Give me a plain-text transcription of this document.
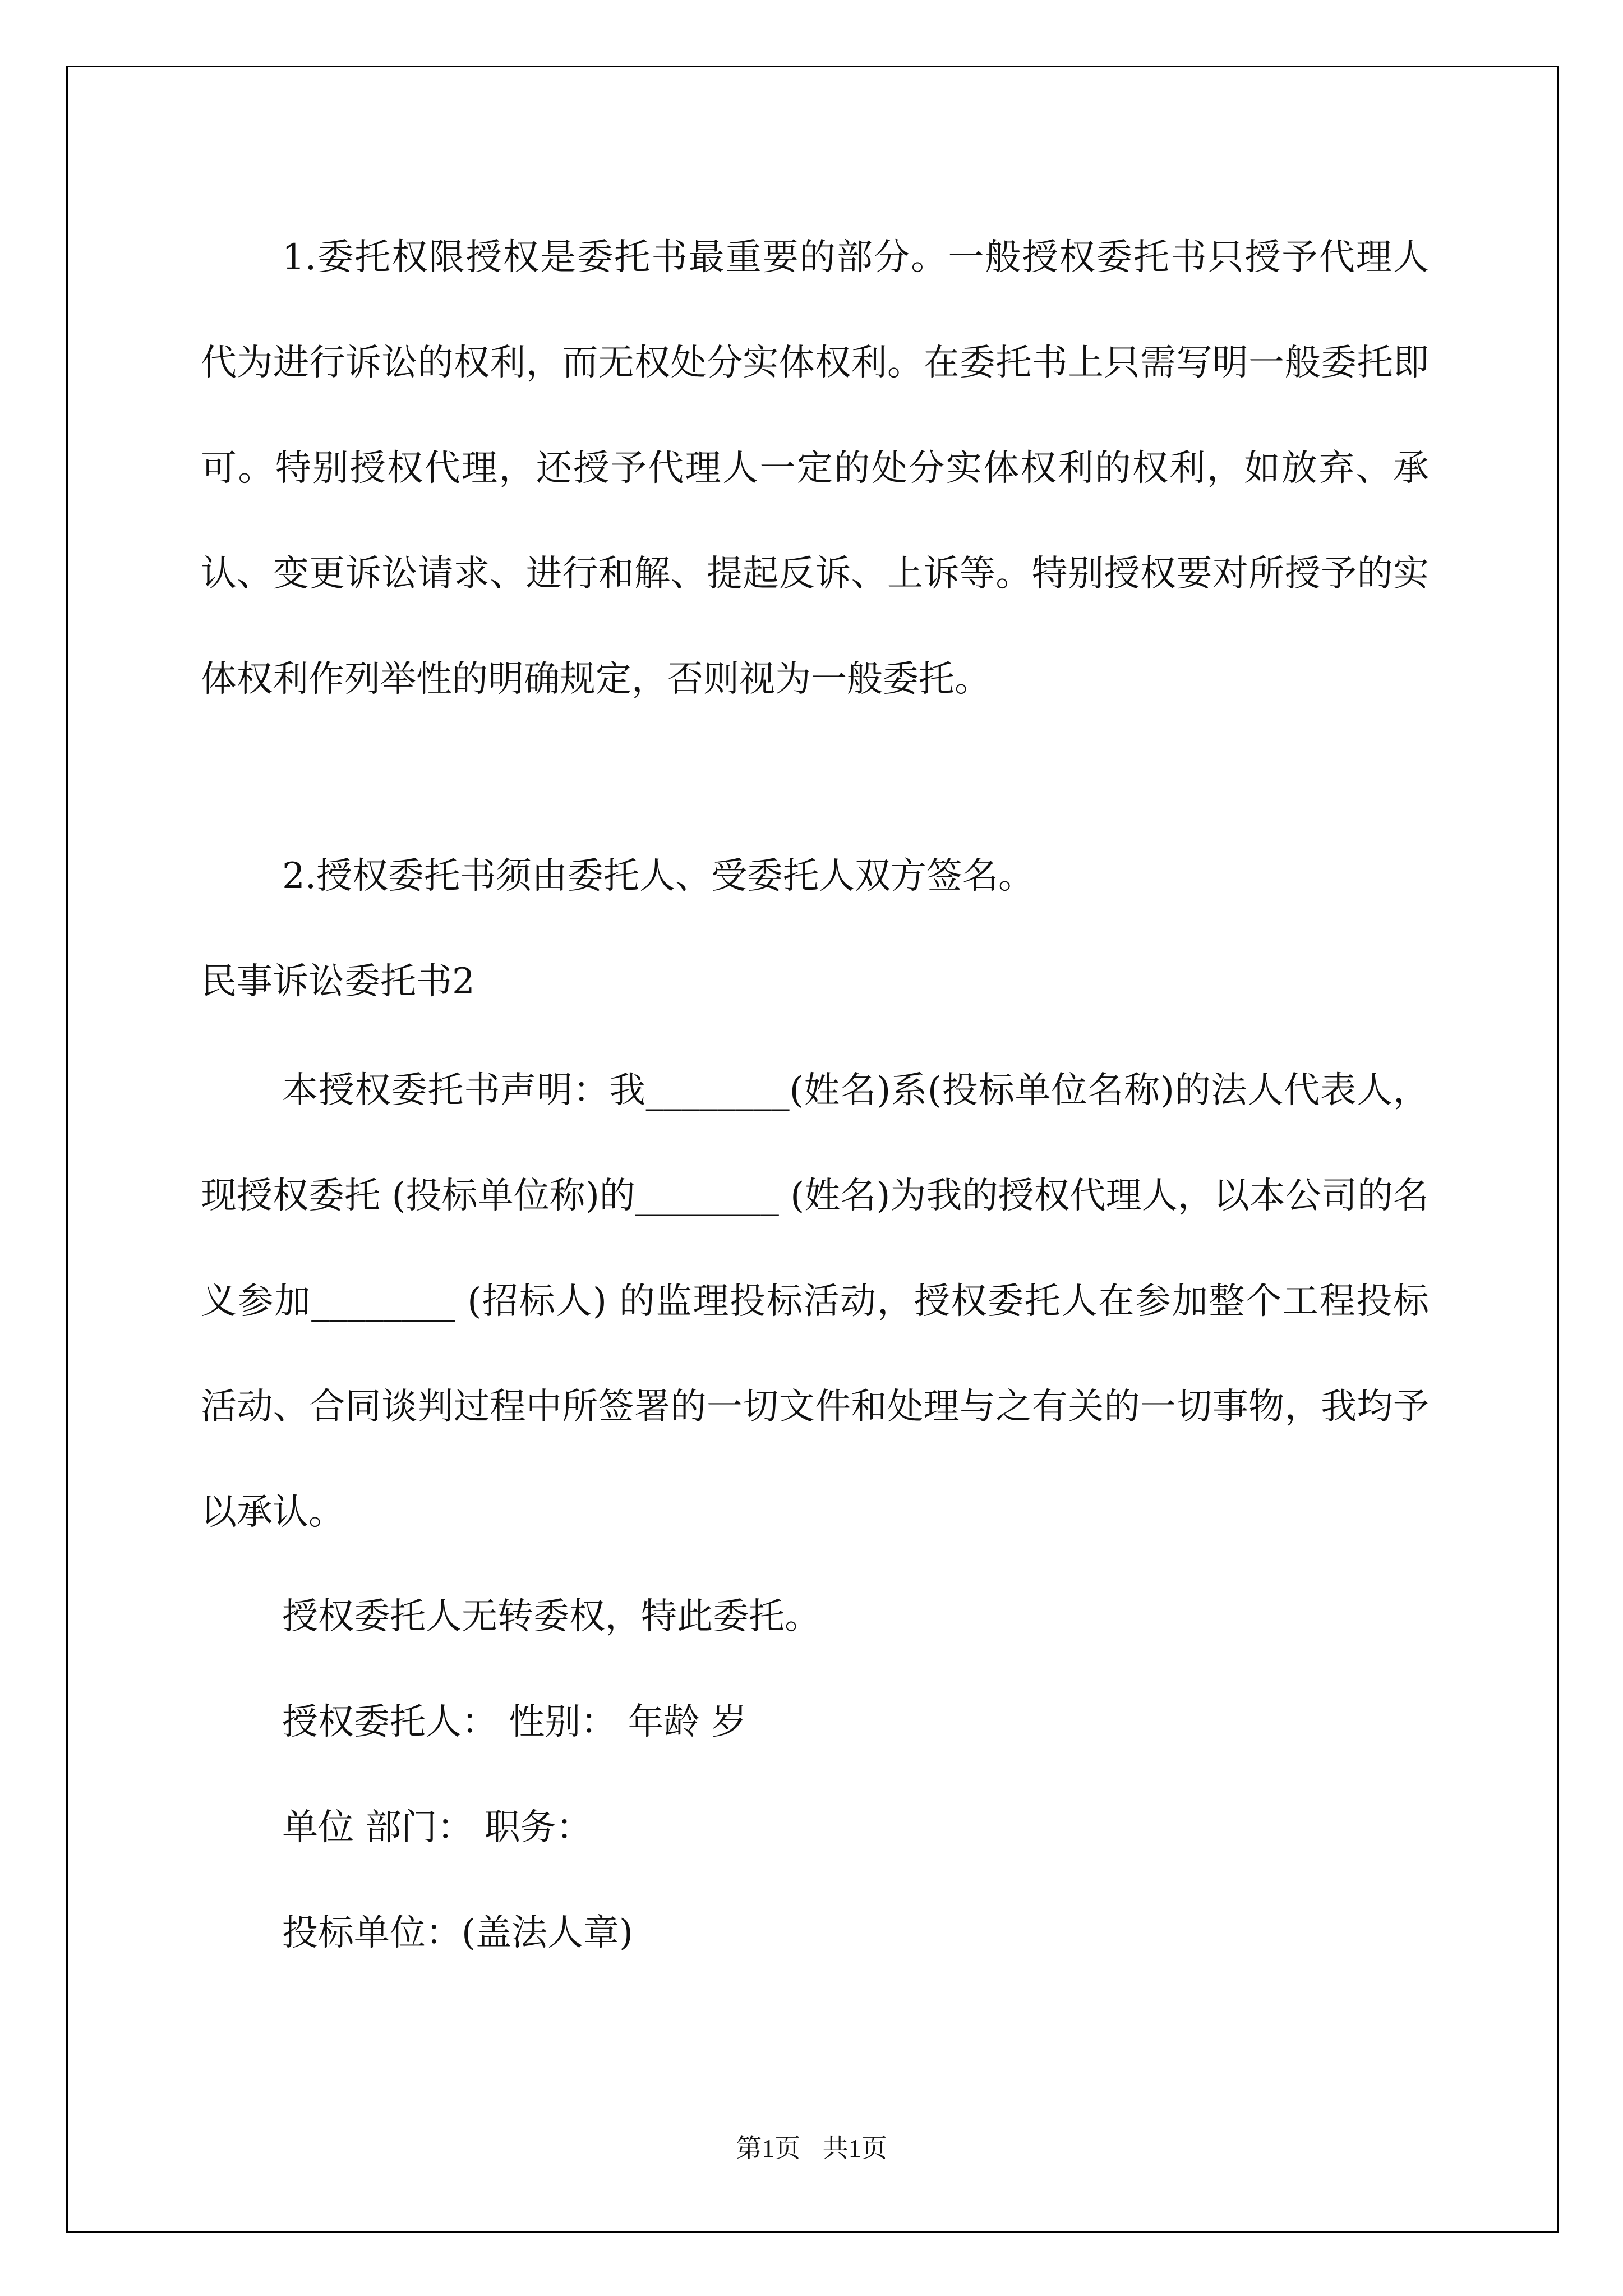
1.委托权限授权是委托书最重要的部分。一般授权委托书只授予代理人代为进行诉讼的权利，而无权处分实体权利。在委托书上只需写明一般委托即可。特别授权代理，还授予代理人一定的处分实体权利的权利，如放弃、承认、变更诉讼请求、进行和解、提起反诉、上诉等。特别授权要对所授予的实体权利作列举性的明确规定，否则视为一般委托。

2.授权委托书须由委托人、受委托人双方签名。

民事诉讼委托书2

本授权委托书声明：我________(姓名)系(投标单位名称)的法人代表人，现授权委托 (投标单位称)的________ (姓名)为我的授权代理人，以本公司的名义参加________ (招标人) 的监理投标活动，授权委托人在参加整个工程投标活动、合同谈判过程中所签署的一切文件和处理与之有关的一切事物，我均予以承认。

授权委托人无转委权，特此委托。

授权委托人： 性别： 年龄 岁

单位 部门： 职务：

投标单位：(盖法人章)

第1页 共1页
